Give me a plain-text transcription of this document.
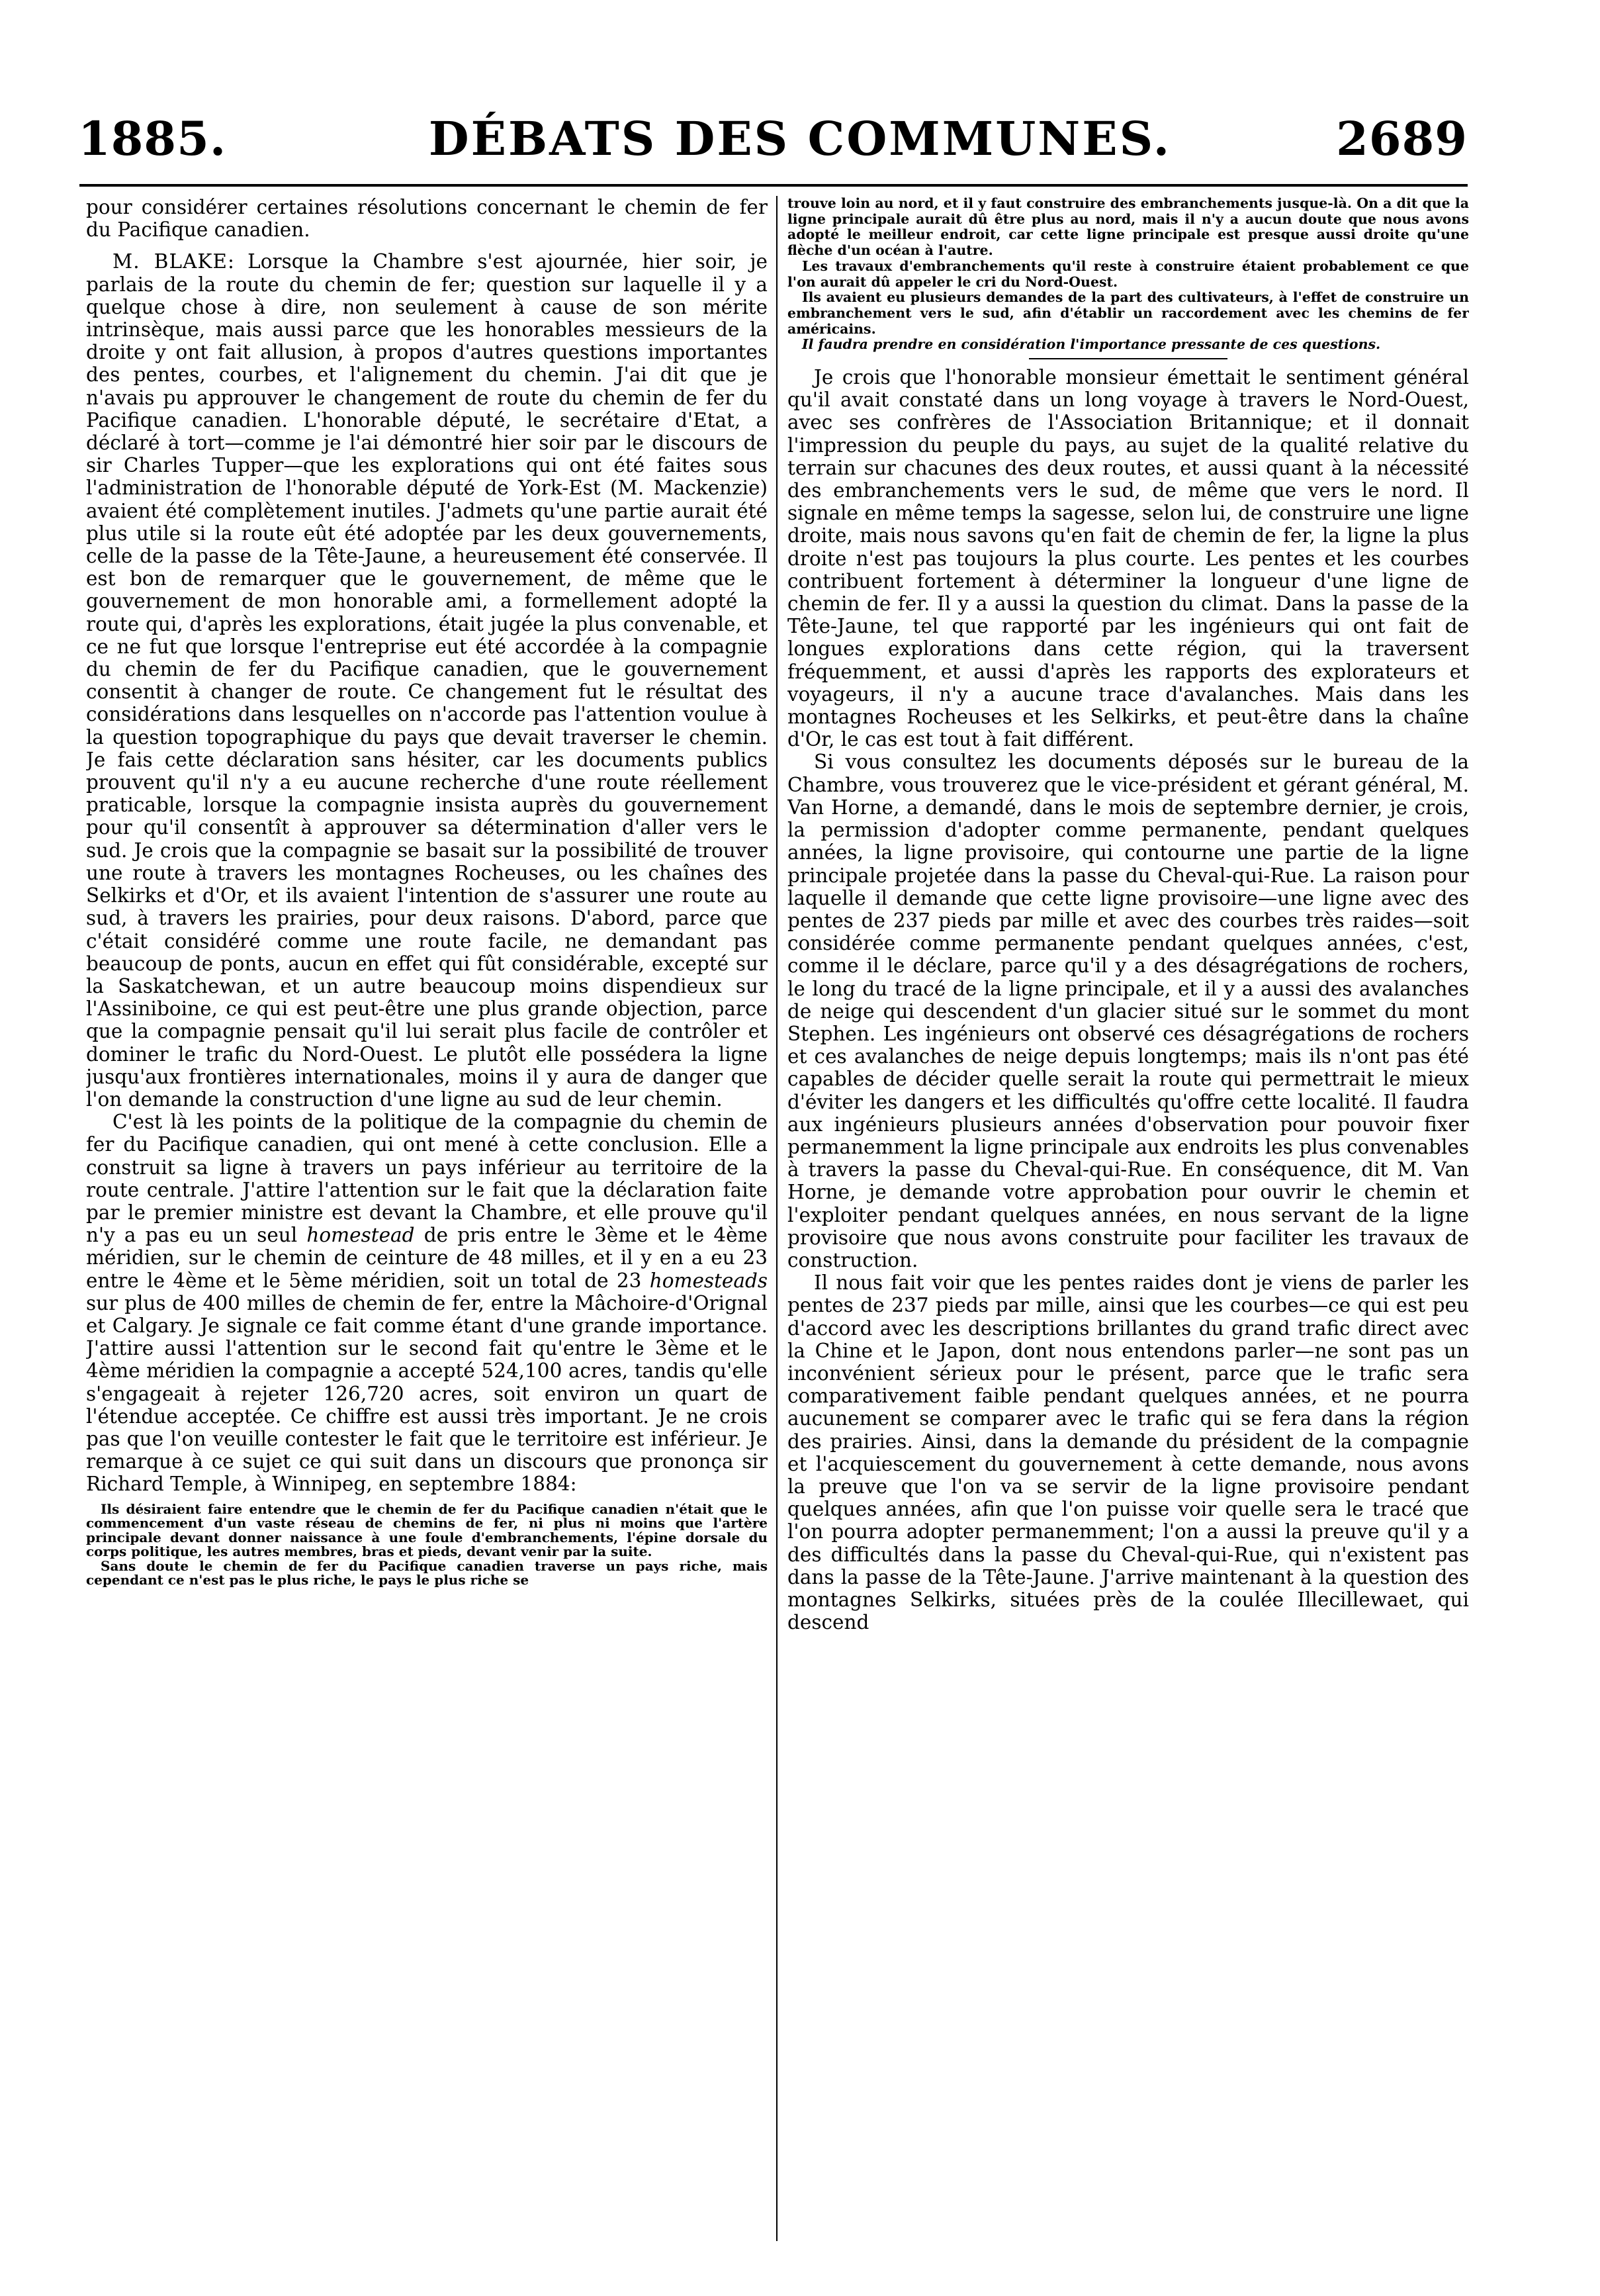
1885.	DÉBATS DES COMMUNES.	2689

pour considérer certaines résolutions concernant le chemin de fer du Pacifique canadien.

M. BLAKE: Lorsque la Chambre s'est ajournée, hier soir, je parlais de la route du chemin de fer; question sur laquelle il y a quelque chose à dire, non seulement à cause de son mérite intrinsèque, mais aussi parce que les honorables messieurs de la droite y ont fait allusion, à propos d'autres questions importantes des pentes, courbes, et l'alignement du chemin. J'ai dit que je n'avais pu approuver le changement de route du chemin de fer du Pacifique canadien. L'honorable député, le secrétaire d'Etat, a déclaré à tort—comme je l'ai démontré hier soir par le discours de sir Charles Tupper—que les explorations qui ont été faites sous l'administration de l'honorable député de York-Est (M. Mackenzie) avaient été complètement inutiles. J'admets qu'une partie aurait été plus utile si la route eût été adoptée par les deux gouvernements, celle de la passe de la Tête-Jaune, a heureusement été conservée. Il est bon de remarquer que le gouvernement, de même que le gouvernement de mon honorable ami, a formellement adopté la route qui, d'après les explorations, était jugée la plus convenable, et ce ne fut que lorsque l'entreprise eut été accordée à la compagnie du chemin de fer du Pacifique canadien, que le gouvernement consentit à changer de route. Ce changement fut le résultat des considérations dans lesquelles on n'accorde pas l'attention voulue à la question topographique du pays que devait traverser le chemin. Je fais cette déclaration sans hésiter, car les documents publics prouvent qu'il n'y a eu aucune recherche d'une route réellement praticable, lorsque la compagnie insista auprès du gouvernement pour qu'il consentît à approuver sa détermination d'aller vers le sud. Je crois que la compagnie se basait sur la possibilité de trouver une route à travers les montagnes Rocheuses, ou les chaînes des Selkirks et d'Or, et ils avaient l'intention de s'assurer une route au sud, à travers les prairies, pour deux raisons. D'abord, parce que c'était considéré comme une route facile, ne demandant pas beaucoup de ponts, aucun en effet qui fût considérable, excepté sur la Saskatchewan, et un autre beaucoup moins dispendieux sur l'Assiniboine, ce qui est peut-être une plus grande objection, parce que la compagnie pensait qu'il lui serait plus facile de contrôler et dominer le trafic du Nord-Ouest. Le plutôt elle possédera la ligne jusqu'aux frontières internationales, moins il y aura de danger que l'on demande la construction d'une ligne au sud de leur chemin.

C'est là les points de la politique de la compagnie du chemin de fer du Pacifique canadien, qui ont mené à cette conclusion. Elle a construit sa ligne à travers un pays inférieur au territoire de la route centrale. J'attire l'attention sur le fait que la déclaration faite par le premier ministre est devant la Chambre, et elle prouve qu'il n'y a pas eu un seul homestead de pris entre le 3ème et le 4ème méridien, sur le chemin de ceinture de 48 milles, et il y en a eu 23 entre le 4ème et le 5ème méridien, soit un total de 23 homesteads sur plus de 400 milles de chemin de fer, entre la Mâchoire-d'Orignal et Calgary. Je signale ce fait comme étant d'une grande importance. J'attire aussi l'attention sur le second fait qu'entre le 3ème et le 4ème méridien la compagnie a accepté 524,100 acres, tandis qu'elle s'engageait à rejeter 126,720 acres, soit environ un quart de l'étendue acceptée. Ce chiffre est aussi très important. Je ne crois pas que l'on veuille contester le fait que le territoire est inférieur. Je remarque à ce sujet ce qui suit dans un discours que prononça sir Richard Temple, à Winnipeg, en septembre 1884:

Ils désiraient faire entendre que le chemin de fer du Pacifique canadien n'était que le commencement d'un vaste réseau de chemins de fer, ni plus ni moins que l'artère principale devant donner naissance à une foule d'embranchements, l'épine dorsale du corps politique, les autres membres, bras et pieds, devant venir par la suite.

Sans doute le chemin de fer du Pacifique canadien traverse un pays riche, mais cependant ce n'est pas le plus riche, le pays le plus riche se

trouve loin au nord, et il y faut construire des embranchements jusque-là. On a dit que la ligne principale aurait dû être plus au nord, mais il n'y a aucun doute que nous avons adopté le meilleur endroit, car cette ligne principale est presque aussi droite qu'une flèche d'un océan à l'autre.

Les travaux d'embranchements qu'il reste à construire étaient probablement ce que l'on aurait dû appeler le cri du Nord-Ouest.

Ils avaient eu plusieurs demandes de la part des cultivateurs, à l'effet de construire un embranchement vers le sud, afin d'établir un raccordement avec les chemins de fer américains.

Il faudra prendre en considération l'importance pressante de ces questions.

Je crois que l'honorable monsieur émettait le sentiment général qu'il avait constaté dans un long voyage à travers le Nord-Ouest, avec ses confrères de l'Association Britannique; et il donnait l'impression du peuple du pays, au sujet de la qualité relative du terrain sur chacunes des deux routes, et aussi quant à la nécessité des embranchements vers le sud, de même que vers le nord. Il signale en même temps la sagesse, selon lui, de construire une ligne droite, mais nous savons qu'en fait de chemin de fer, la ligne la plus droite n'est pas toujours la plus courte. Les pentes et les courbes contribuent fortement à déterminer la longueur d'une ligne de chemin de fer. Il y a aussi la question du climat. Dans la passe de la Tête-Jaune, tel que rapporté par les ingénieurs qui ont fait de longues explorations dans cette région, qui la traversent fréquemment, et aussi d'après les rapports des explorateurs et voyageurs, il n'y a aucune trace d'avalanches. Mais dans les montagnes Rocheuses et les Selkirks, et peut-être dans la chaîne d'Or, le cas est tout à fait différent.

Si vous consultez les documents déposés sur le bureau de la Chambre, vous trouverez que le vice-président et gérant général, M. Van Horne, a demandé, dans le mois de septembre dernier, je crois, la permission d'adopter comme permanente, pendant quelques années, la ligne provisoire, qui contourne une partie de la ligne principale projetée dans la passe du Cheval-qui-Rue. La raison pour laquelle il demande que cette ligne provisoire—une ligne avec des pentes de 237 pieds par mille et avec des courbes très raides—soit considérée comme permanente pendant quelques années, c'est, comme il le déclare, parce qu'il y a des désagrégations de rochers, le long du tracé de la ligne principale, et il y a aussi des avalanches de neige qui descendent d'un glacier situé sur le sommet du mont Stephen. Les ingénieurs ont observé ces désagrégations de rochers et ces avalanches de neige depuis longtemps; mais ils n'ont pas été capables de décider quelle serait la route qui permettrait le mieux d'éviter les dangers et les difficultés qu'offre cette localité. Il faudra aux ingénieurs plusieurs années d'observation pour pouvoir fixer permanemment la ligne principale aux endroits les plus convenables à travers la passe du Cheval-qui-Rue. En conséquence, dit M. Van Horne, je demande votre approbation pour ouvrir le chemin et l'exploiter pendant quelques années, en nous servant de la ligne provisoire que nous avons construite pour faciliter les travaux de construction.

Il nous fait voir que les pentes raides dont je viens de parler les pentes de 237 pieds par mille, ainsi que les courbes—ce qui est peu d'accord avec les descriptions brillantes du grand trafic direct avec la Chine et le Japon, dont nous entendons parler—ne sont pas un inconvénient sérieux pour le présent, parce que le trafic sera comparativement faible pendant quelques années, et ne pourra aucunement se comparer avec le trafic qui se fera dans la région des prairies. Ainsi, dans la demande du président de la compagnie et l'acquiescement du gouvernement à cette demande, nous avons la preuve que l'on va se servir de la ligne provisoire pendant quelques années, afin que l'on puisse voir quelle sera le tracé que l'on pourra adopter permanemment; l'on a aussi la preuve qu'il y a des difficultés dans la passe du Cheval-qui-Rue, qui n'existent pas dans la passe de la Tête-Jaune. J'arrive maintenant à la question des montagnes Selkirks, situées près de la coulée Illecillewaet, qui descend
